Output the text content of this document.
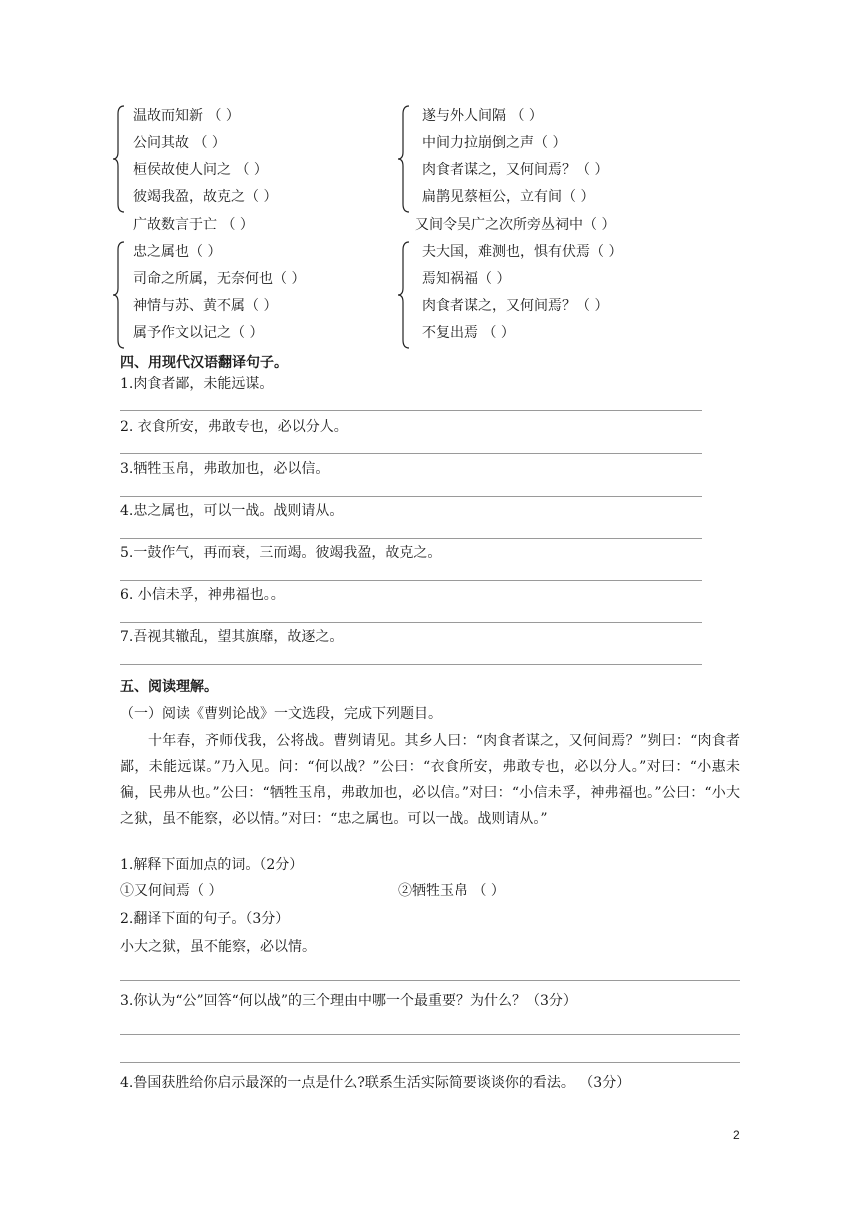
温故而知新 （ ）
公问其故 （ ）
桓侯故使人问之 （ ）
彼竭我盈，故克之（ ）
遂与外人间隔 （ ）
中间力拉崩倒之声（ ）
肉食者谋之，又何间焉？（ ）
扁鹊见蔡桓公，立有间（ ）
广故数言于亡 （ ）	又间令吴广之次所旁丛祠中（ ）
忠之属也（ ）
司命之所属，无奈何也（ ）
神情与苏、黄不属（ ）
属予作文以记之（ ）
夫大国，难测也，惧有伏焉（ ）
焉知祸福（ ）
肉食者谋之，又何间焉？（ ）
不复出焉 （ ）
四、用现代汉语翻译句子。
1.肉食者鄙，未能远谋。
2. 衣食所安，弗敢专也，必以分人。
3.牺牲玉帛，弗敢加也，必以信。
4.忠之属也，可以一战。战则请从。
5.一鼓作气，再而衰，三而竭。彼竭我盈，故克之。
6. 小信未孚，神弗福也。。
7.吾视其辙乱，望其旗靡，故逐之。
五、阅读理解。
（一）阅读《曹刿论战》一文选段，完成下列题目。
十年春，齐师伐我，公将战。曹刿请见。其乡人曰：“肉食者谋之，又何间焉？”刿曰：“肉食者鄙，未能远谋。”乃入见。问：“何以战？”公曰：“衣食所安，弗敢专也，必以分人。”对曰：“小惠未徧，民弗从也。”公曰：“牺牲玉帛，弗敢加也，必以信。”对曰：“小信未孚，神弗福也。”公曰：“小大之狱，虽不能察，必以情。”对曰：“忠之属也。可以一战。战则请从。”
1.解释下面加点的词。（2分）
①又何间焉（ ）	②牺牲玉帛 （ ）
2.翻译下面的句子。（3分）
小大之狱，虽不能察，必以情。
3.你认为“公”回答“何以战”的三个理由中哪一个最重要？为什么？（3分）
4.鲁国获胜给你启示最深的一点是什么?联系生活实际简要谈谈你的看法。 （3分）
2
